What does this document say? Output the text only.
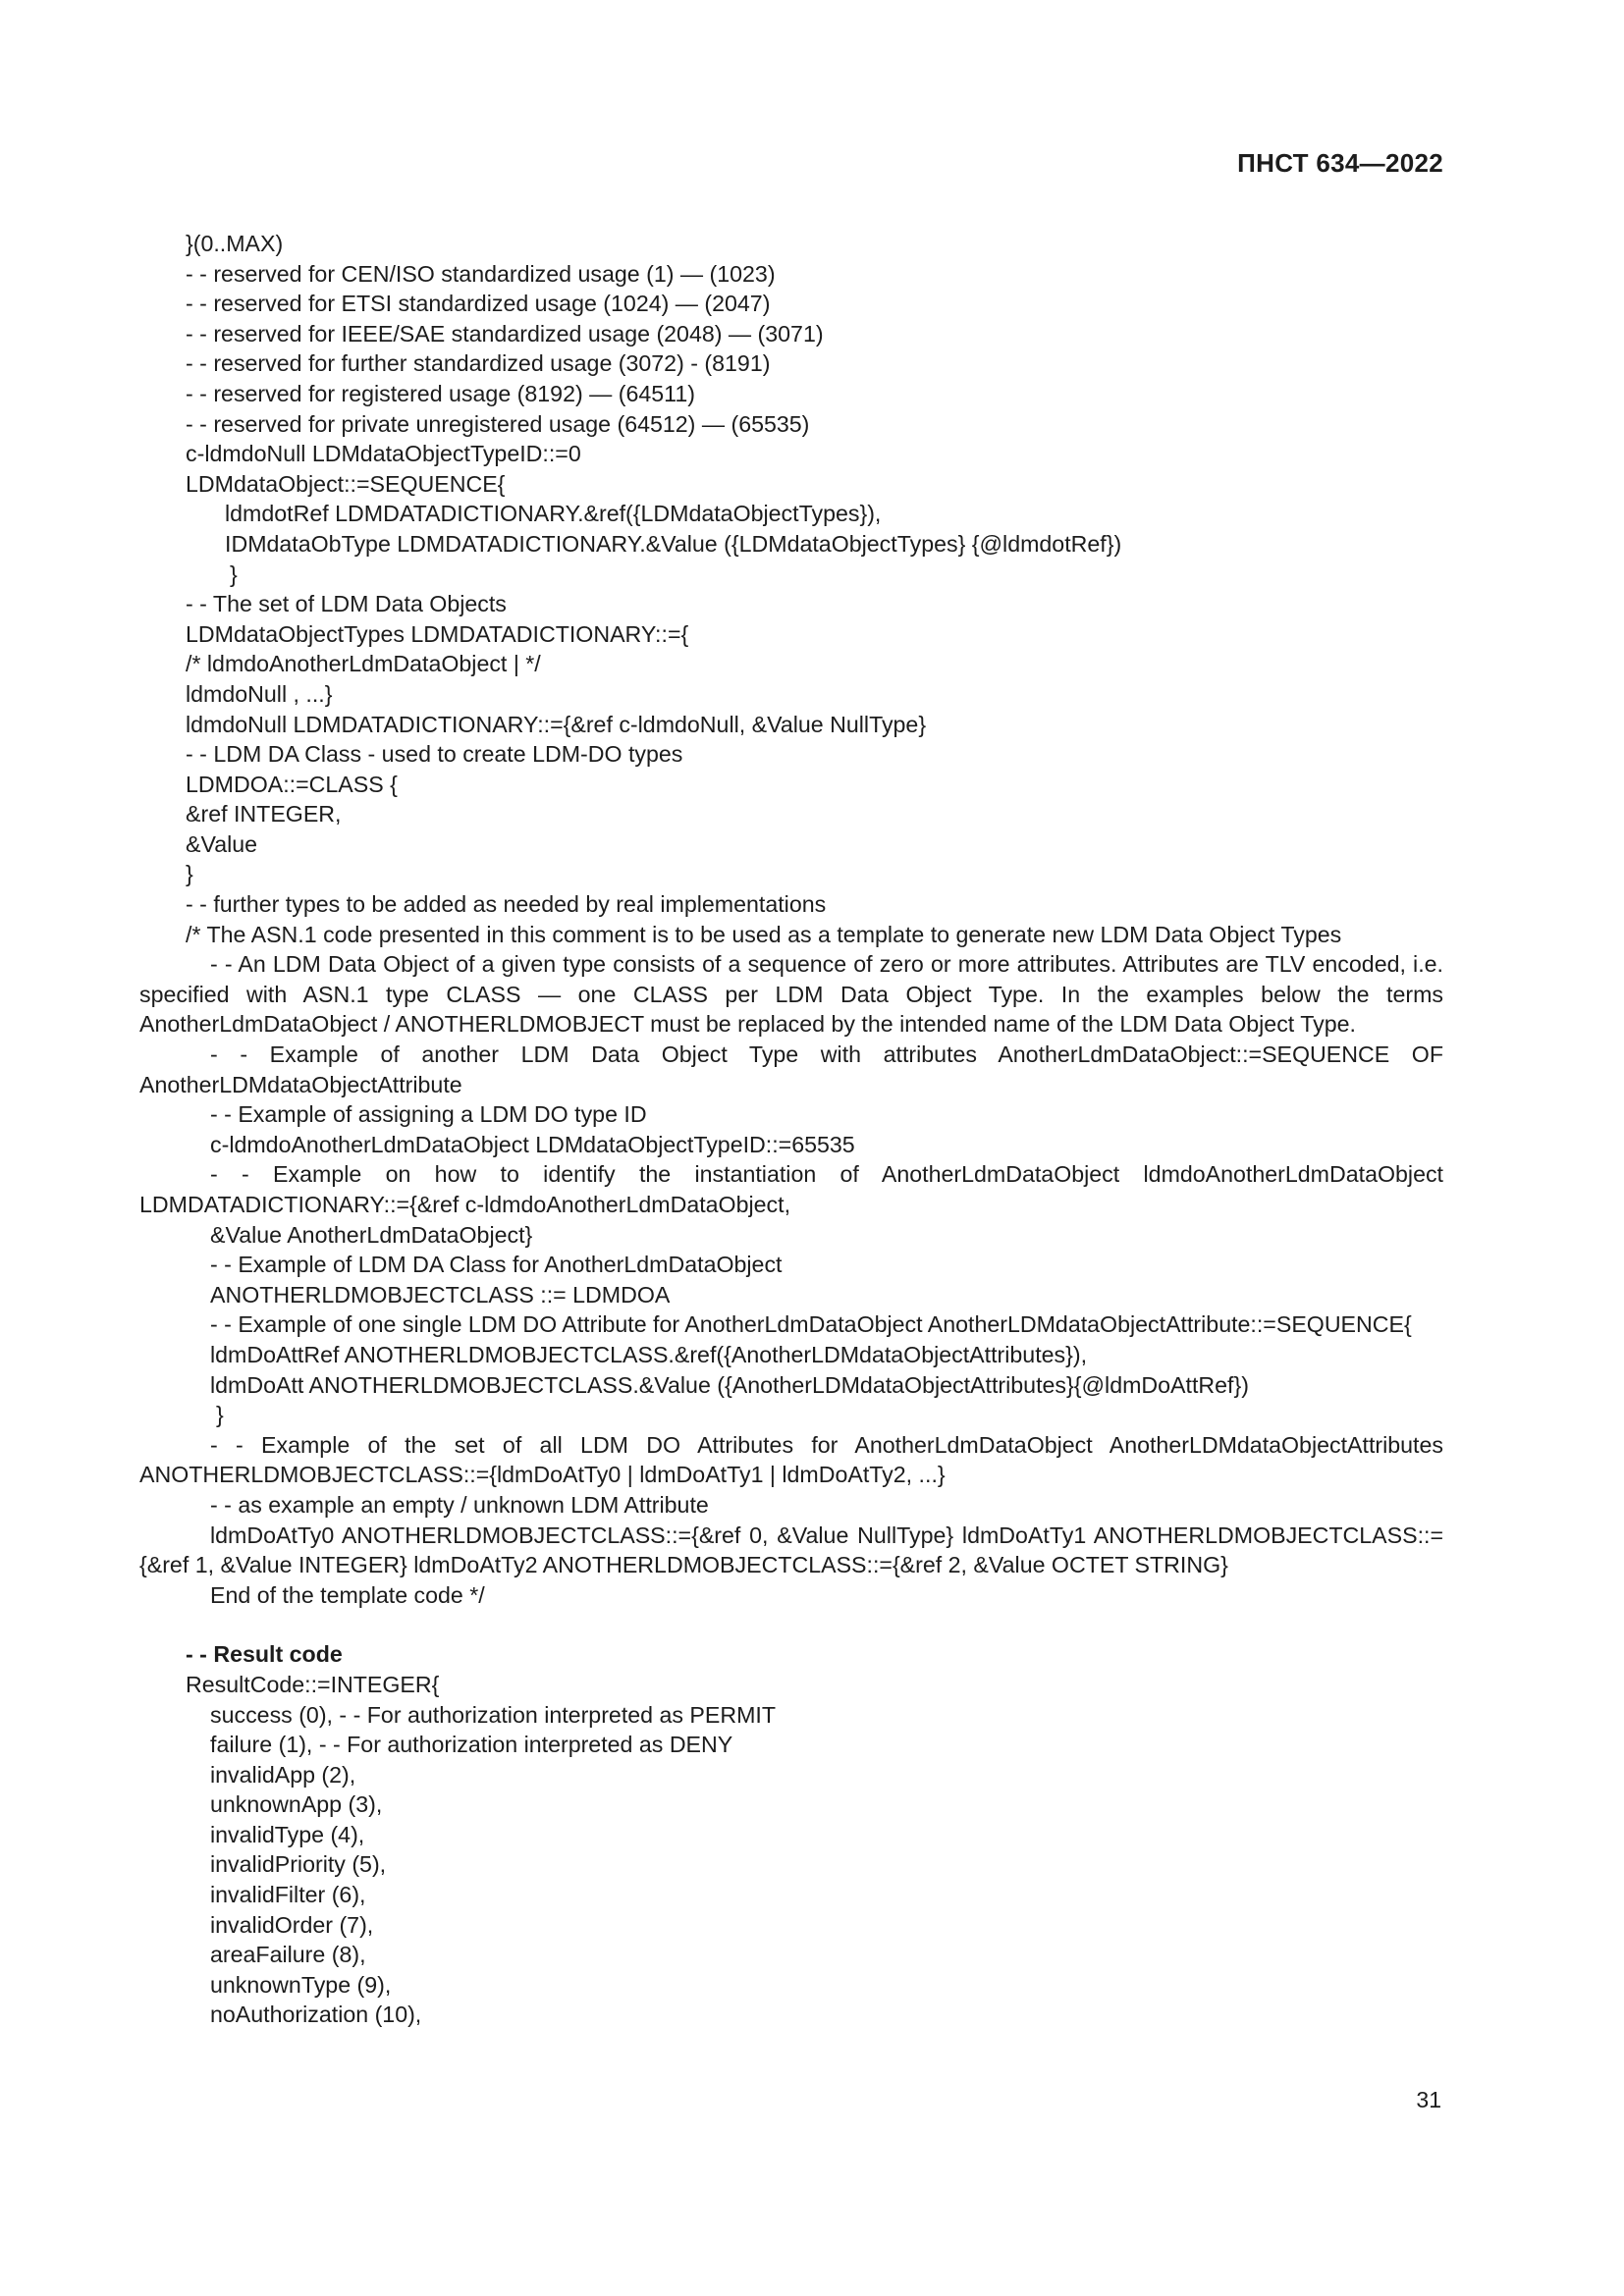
ПНСТ 634—2022
}(0..MAX)
- - reserved for CEN/ISO standardized usage (1) — (1023)
- - reserved for ETSI standardized usage (1024) — (2047)
- - reserved for IEEE/SAE standardized usage (2048) — (3071)
- - reserved for further standardized usage (3072) - (8191)
- - reserved for registered usage (8192) — (64511)
- - reserved for private unregistered usage (64512) — (65535)
c-ldmdoNull LDMdataObjectTypeID::=0
LDMdataObject::=SEQUENCE{
ldmdotRef LDMDATADICTIONARY.&ref({LDMdataObjectTypes}),
IDMdataObType LDMDATADICTIONARY.&Value ({LDMdataObjectTypes} {@ldmdotRef})
}
- - The set of LDM Data Objects
LDMdataObjectTypes LDMDATADICTIONARY::={
/* ldmdoAnotherLdmDataObject | */
ldmdoNull , ...}
ldmdoNull LDMDATADICTIONARY::={&ref c-ldmdoNull, &Value NullType}
- - LDM DA Class - used to create LDM-DO types
LDMDOA::=CLASS {
&ref INTEGER,
&Value
}
- - further types to be added as needed by real implementations
/* The ASN.1 code presented in this comment is to be used as a template to generate new LDM Data Object Types
- - An LDM Data Object of a given type consists of a sequence of zero or more attributes. Attributes are TLV encoded, i.e. specified with ASN.1 type CLASS — one CLASS per LDM Data Object Type. In the examples below the terms AnotherLdmDataObject / ANOTHERLDMOBJECT must be replaced by the intended name of the LDM Data Object Type.
- - Example of another LDM Data Object Type with attributes AnotherLdmDataObject::=SEQUENCE OF AnotherLDMdataObjectAttribute
- - Example of assigning a LDM DO type ID
c-ldmdoAnotherLdmDataObject LDMdataObjectTypeID::=65535
- - Example on how to identify the instantiation of AnotherLdmDataObject ldmdoAnotherLdmDataObject LDMDATADICTIONARY::={&ref c-ldmdoAnotherLdmDataObject,
&Value AnotherLdmDataObject}
- - Example of LDM DA Class for AnotherLdmDataObject
ANOTHERLDMOBJECTCLASS ::= LDMDOA
- - Example of one single LDM DO Attribute for AnotherLdmDataObject AnotherLDMdataObjectAttribute::=SEQUENCE{
ldmDoAttRef ANOTHERLDMOBJECTCLASS.&ref({AnotherLDMdataObjectAttributes}),
ldmDoAtt ANOTHERLDMOBJECTCLASS.&Value ({AnotherLDMdataObjectAttributes}{@ldmDoAttRef})
}
- - Example of the set of all LDM DO Attributes for AnotherLdmDataObject AnotherLDMdataObjectAttributes ANOTHERLDMOBJECTCLASS::={ldmDoAtTy0 | ldmDoAtTy1 | ldmDoAtTy2, ...}
- - as example an empty / unknown LDM Attribute
ldmDoAtTy0 ANOTHERLDMOBJECTCLASS::={&ref 0, &Value NullType} ldmDoAtTy1 ANOTHERLDMOBJECTCLASS::={&ref 1, &Value INTEGER} ldmDoAtTy2 ANOTHERLDMOBJECTCLASS::={&ref 2, &Value OCTET STRING}
End of the template code */
- - Result code
ResultCode::=INTEGER{
success (0), - - For authorization interpreted as PERMIT
failure (1), - - For authorization interpreted as DENY
invalidApp (2),
unknownApp (3),
invalidType (4),
invalidPriority (5),
invalidFilter (6),
invalidOrder (7),
areaFailure (8),
unknownType (9),
noAuthorization (10),
31
